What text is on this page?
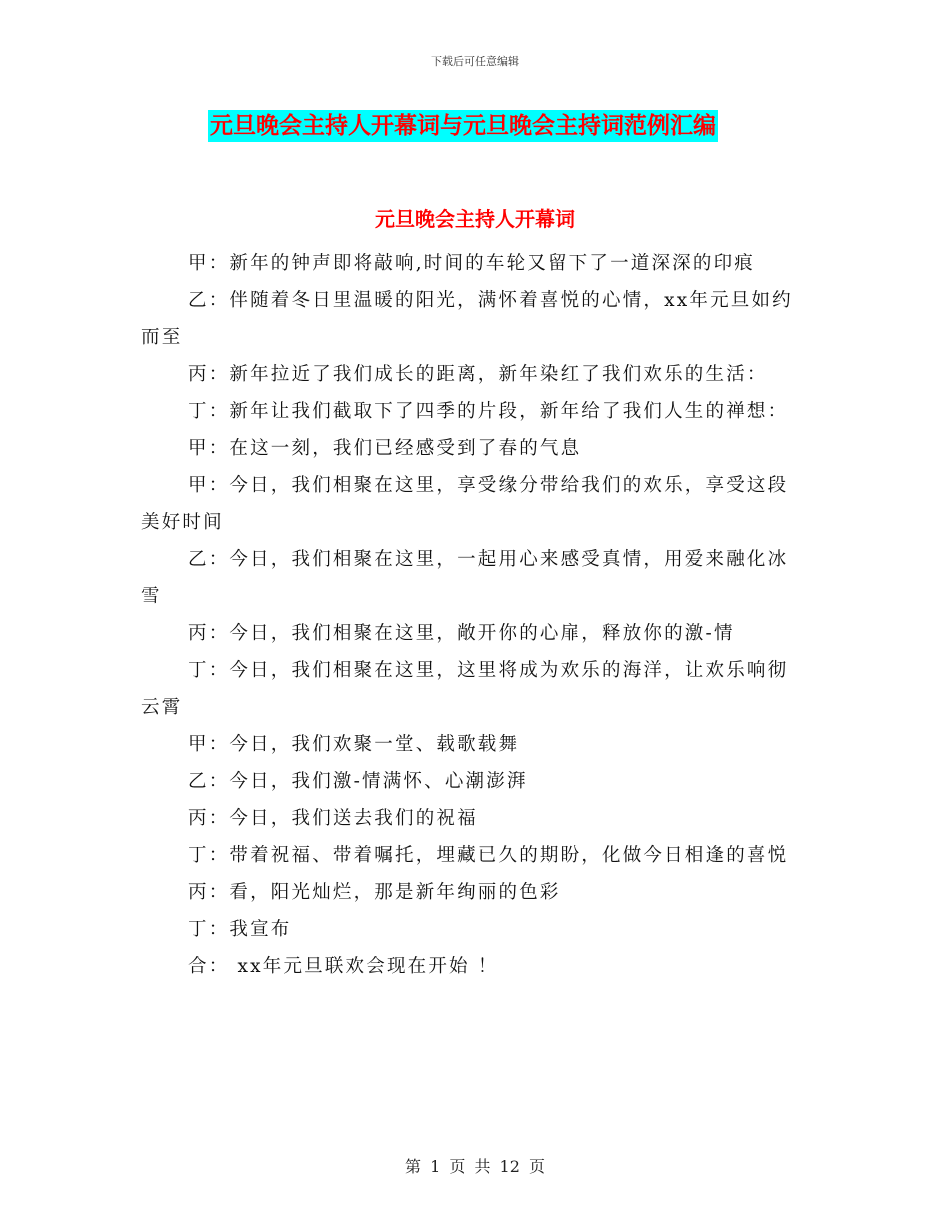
下载后可任意编辑
元旦晚会主持人开幕词与元旦晚会主持词范例汇编
元旦晚会主持人开幕词

甲：新年的钟声即将敲响,时间的车轮又留下了一道深深的印痕

乙：伴随着冬日里温暖的阳光，满怀着喜悦的心情，xx年元旦如约而至

丙：新年拉近了我们成长的距离，新年染红了我们欢乐的生活：

丁：新年让我们截取下了四季的片段，新年给了我们人生的禅想：

甲：在这一刻，我们已经感受到了春的气息

甲：今日，我们相聚在这里，享受缘分带给我们的欢乐，享受这段美好时间

乙：今日，我们相聚在这里，一起用心来感受真情，用爱来融化冰雪

丙：今日，我们相聚在这里，敞开你的心扉，释放你的激-情

丁：今日，我们相聚在这里，这里将成为欢乐的海洋，让欢乐响彻云霄

甲：今日，我们欢聚一堂、载歌载舞

乙：今日，我们激-情满怀、心潮澎湃

丙：今日，我们送去我们的祝福

丁：带着祝福、带着嘱托，埋藏已久的期盼，化做今日相逢的喜悦

丙：看，阳光灿烂，那是新年绚丽的色彩

丁：我宣布

合： xx年元旦联欢会现在开始 ！

第 1 页 共 12 页
